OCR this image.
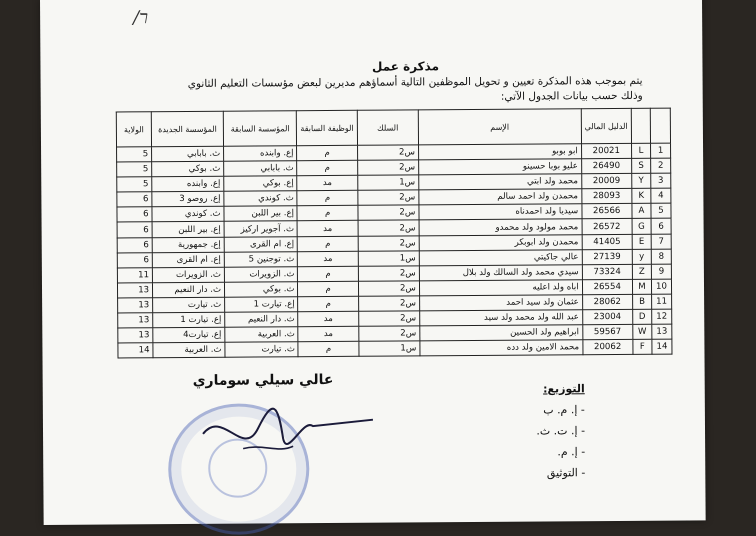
/ר
مذكرة عمل
يتم بموجب هذه المذكرة تعيين و تحويل الموظفين التالية أسماؤهم مديرين لبعض مؤسسات التعليم الثانوي وذلك حسب بيانات الجدول الآتي:
		الدليل المالي	الإسم	السلك	الوظيفة السابقة	المؤسسة السابقة	المؤسسة الجديدة	الولاية
1	L	20021	ابو بوبو	س2	م	إع. وابنده	ث. بابابي	5
2	S	26490	عليو بوبا حسينو	س2	م	ث. بابابي	ث. بوكي	5
3	Y	20009	محمد ولد ابتي	س1	مد	إع. بوكي	إع. وابنده	5
4	K	28093	محمدن ولد احمد سالم	س2	م	ث. كوندي	إع. روصو 3	6
5	A	26566	سيديا ولد احمدناه	س2	م	إع. بير اللبن	ث. كوندي	6
6	G	26572	محمد مولود ولد محمدو	س2	مد	ث. آجوير اركيز	إع. بير اللبن	6
7	E	41405	محمدن ولد ابوبكر	س2	م	إع. ام القرى	إع. جمهورية	6
8	y	27139	عالي جاكيتي	س1	مد	ث. توجنين 5	إع. ام القرى	6
9	Z	73324	سيدي محمد ولد السالك ولد بلال	س2	م	ث. الزويرات	ث. الزويرات	11
10	M	26554	اباه ولد اعليه	س2	م	ث. بوكي	ث. دار النعيم	13
11	B	28062	عثمان ولد سيد احمد	س2	م	إع. تيارت 1	ث. تيارت	13
12	D	23004	عبد الله ولد محمد ولد سيد	س2	مد	ث. دار النعيم	إع. تيارت 1	13
13	W	59567	ابراهيم ولد الحسين	س2	مد	ث. العربية	إع. تيارت4	13
14	F	20062	محمد الامين ولد دده	س1	م	ث. تيارت	ث. العربية	14
عالي سيلي سوماري	التوزيع:
- إ. م. ب
- إ. ت. ث.
- إ. م.
- التوثيق
